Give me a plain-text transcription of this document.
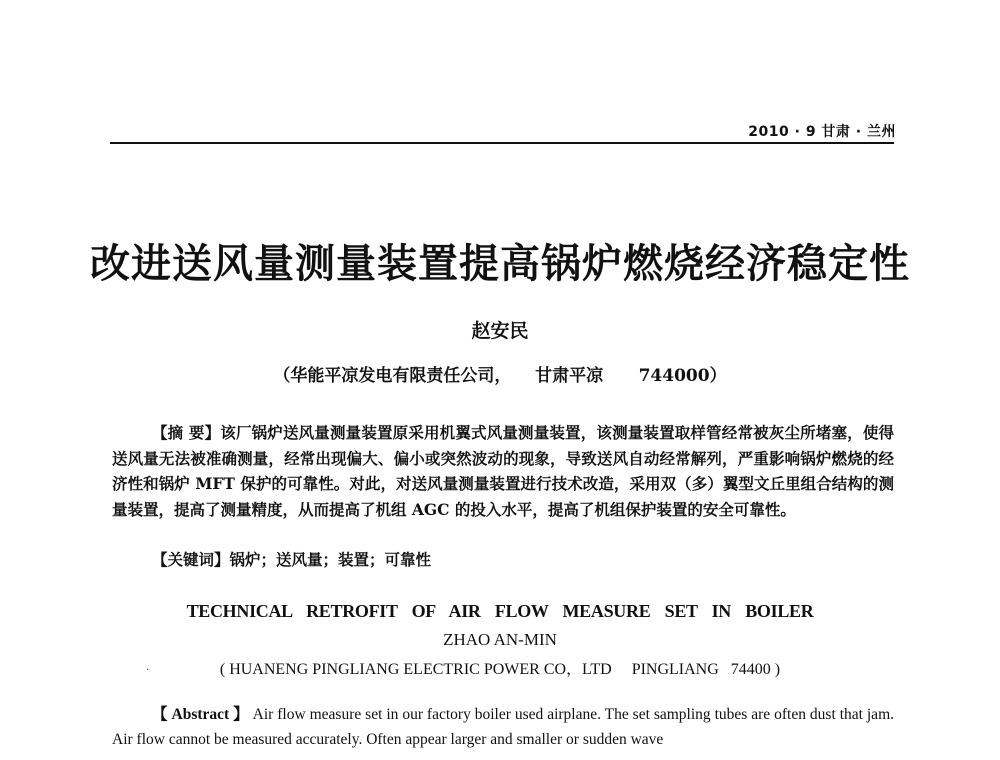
2010 · 9 甘肃 · 兰州
改进送风量测量装置提高锅炉燃烧经济稳定性
赵安民
（华能平凉发电有限责任公司，    甘肃平凉      744000）

【摘 要】该厂锅炉送风量测量装置原采用机翼式风量测量装置，该测量装置取样管经常被灰尘所堵塞，使得送风量无法被准确测量，经常出现偏大、偏小或突然波动的现象，导致送风自动经常解列，严重影响锅炉燃烧的经济性和锅炉 MFT 保护的可靠性。对此，对送风量测量装置进行技术改造，采用双（多）翼型文丘里组合结构的测量装置，提高了测量精度，从而提高了机组 AGC 的投入水平，提高了机组保护装置的安全可靠性。

【关键词】锅炉；送风量；装置；可靠性
TECHNICAL RETROFIT OF AIR FLOW MEASURE SET IN BOILER
ZHAO AN-MIN
·	( HUANENG PINGLIANG ELECTRIC POWER CO，LTD     PINGLIANG   74400 )

【 Abstract 】 Air flow measure set in our factory boiler used airplane. The set sampling tubes are often dust that jam. Air flow cannot be measured accurately. Often appear larger and smaller or sudden wave
